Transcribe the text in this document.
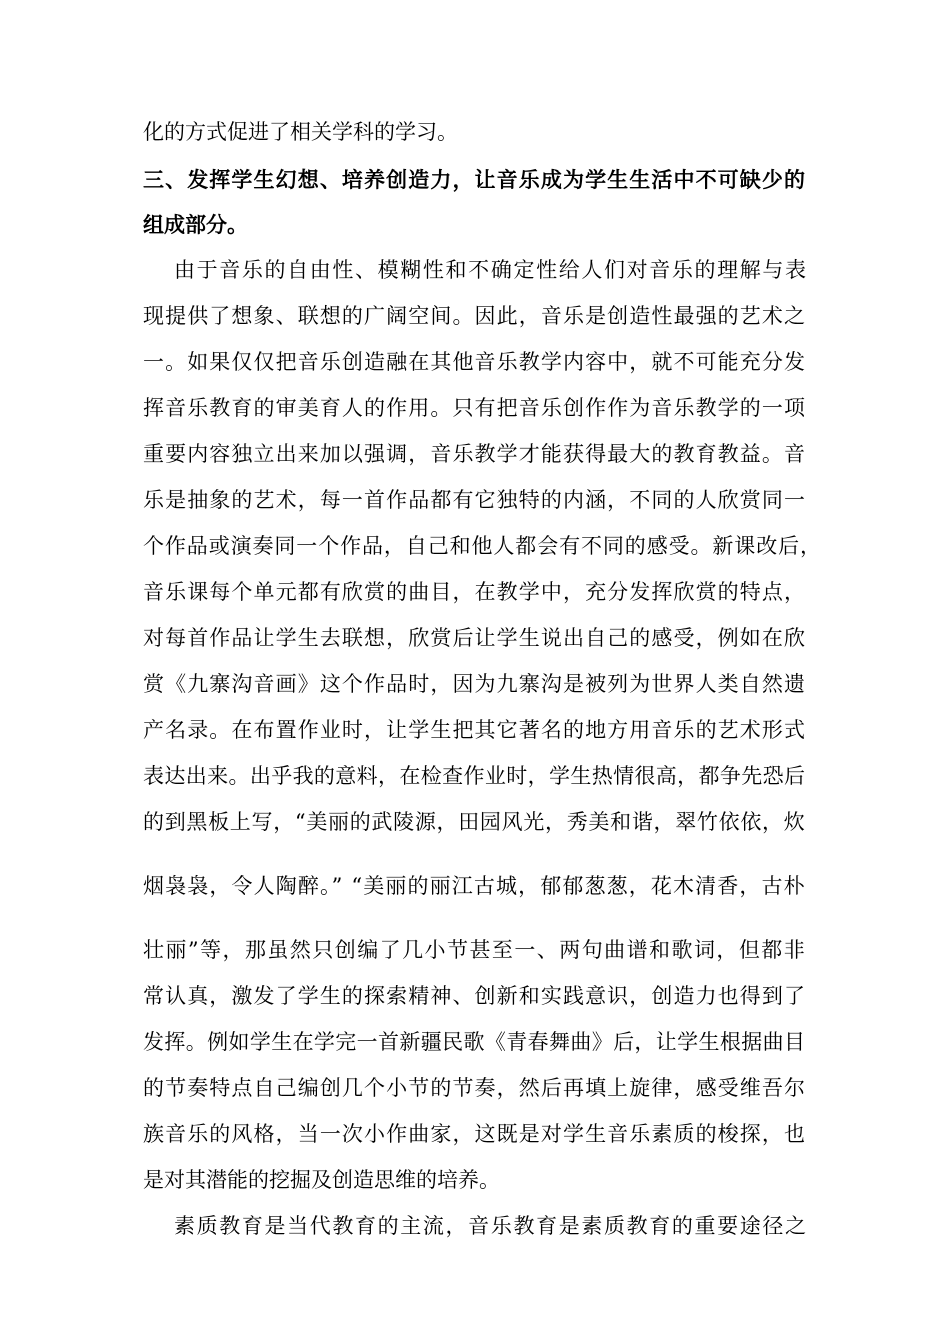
化的方式促进了相关学科的学习。
三、发挥学生幻想、培养创造力，让音乐成为学生生活中不可缺少的
组成部分。
由于音乐的自由性、模糊性和不确定性给人们对音乐的理解与表
现提供了想象、联想的广阔空间。因此，音乐是创造性最强的艺术之
一。如果仅仅把音乐创造融在其他音乐教学内容中，就不可能充分发
挥音乐教育的审美育人的作用。只有把音乐创作作为音乐教学的一项
重要内容独立出来加以强调，音乐教学才能获得最大的教育教益。音
乐是抽象的艺术，每一首作品都有它独特的内涵，不同的人欣赏同一
个作品或演奏同一个作品，自己和他人都会有不同的感受。新课改后，
音乐课每个单元都有欣赏的曲目，在教学中，充分发挥欣赏的特点，
对每首作品让学生去联想，欣赏后让学生说出自己的感受，例如在欣
赏《九寨沟音画》这个作品时，因为九寨沟是被列为世界人类自然遗
产名录。在布置作业时，让学生把其它著名的地方用音乐的艺术形式
表达出来。出乎我的意料，在检查作业时，学生热情很高，都争先恐后
的到黑板上写，“美丽的武陵源，田园风光，秀美和谐，翠竹依依，炊
烟袅袅，令人陶醉。” “美丽的丽江古城，郁郁葱葱，花木清香，古朴
壮丽”等，那虽然只创编了几小节甚至一、两句曲谱和歌词，但都非
常认真，激发了学生的探索精神、创新和实践意识，创造力也得到了
发挥。例如学生在学完一首新疆民歌《青春舞曲》后，让学生根据曲目
的节奏特点自己编创几个小节的节奏，然后再填上旋律，感受维吾尔
族音乐的风格，当一次小作曲家，这既是对学生音乐素质的梭探，也
是对其潜能的挖掘及创造思维的培养。
素质教育是当代教育的主流，音乐教育是素质教育的重要途径之
